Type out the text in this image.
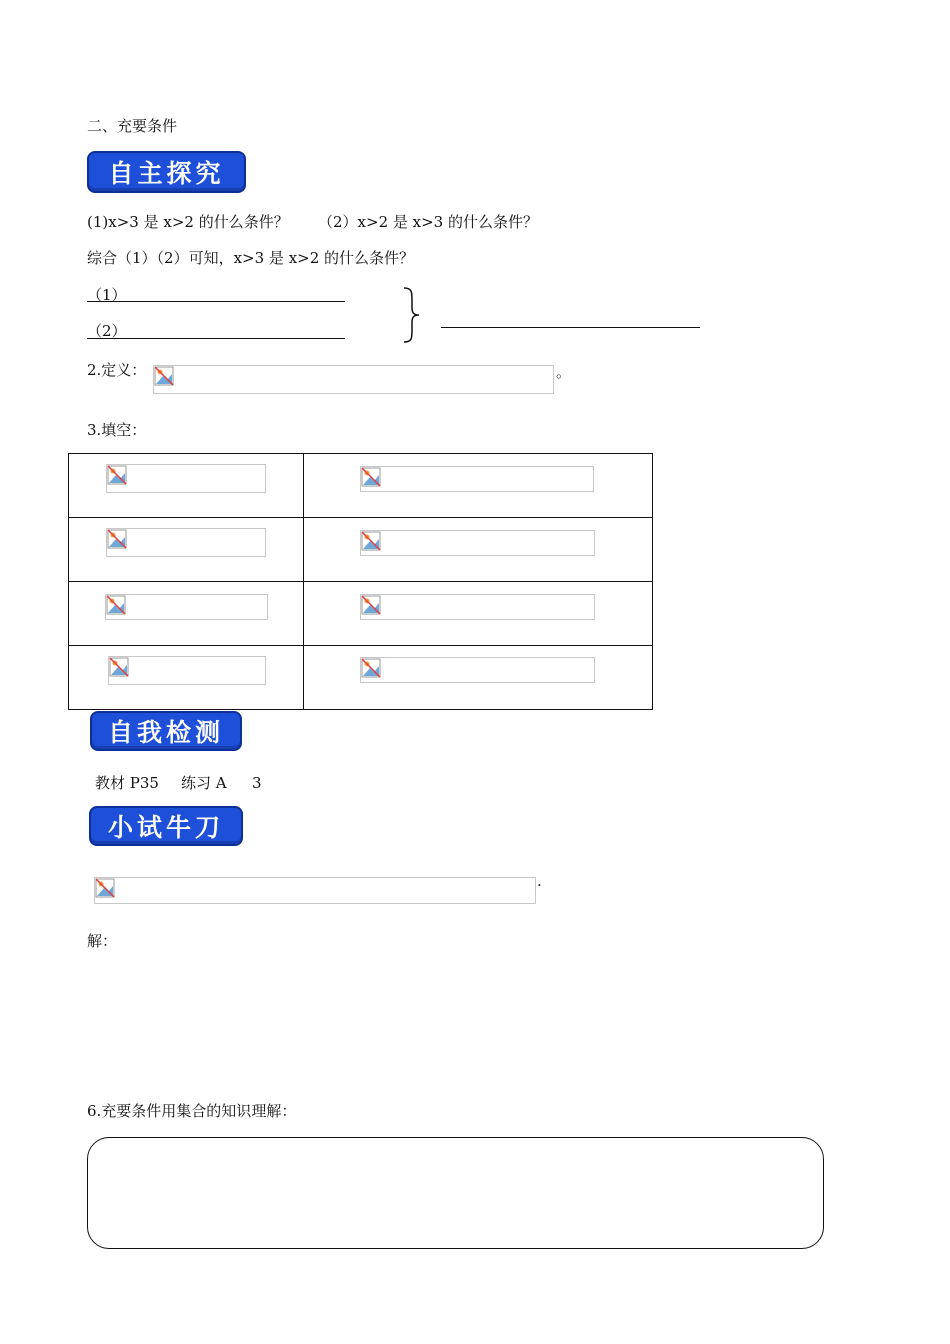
二、充要条件
自主探究
(1)x>3 是 x>2 的什么条件？ （2）x>2 是 x>3 的什么条件？
综合（1）（2）可知，x>3 是 x>2 的什么条件？
（1）
（2）
2.定义：	。
3.填空：

自我检测
教材 P35 练习 A 3
小试牛刀
.
解：
6.充要条件用集合的知识理解：
